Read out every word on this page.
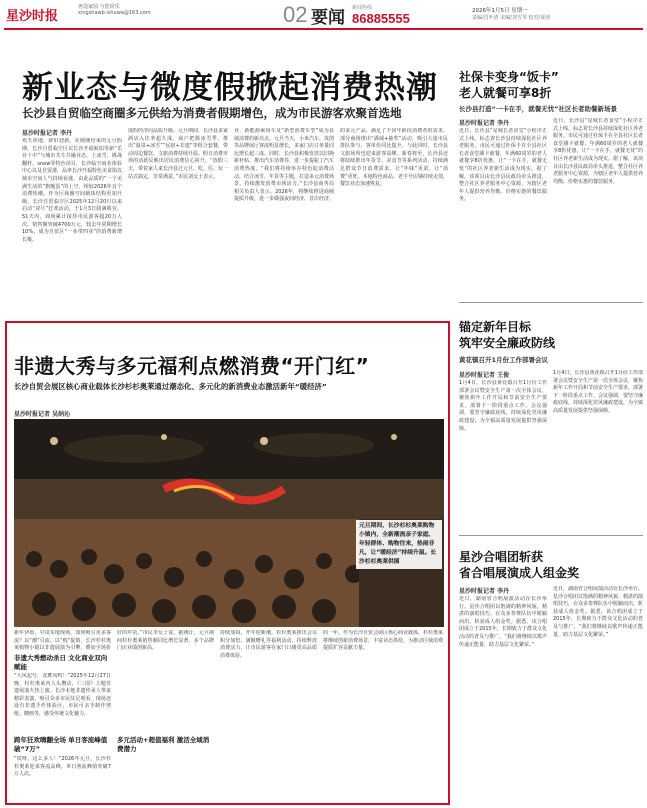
星沙时报
再造家园 与您同乐 xingshawb.ishuwa@163.com	02 要闻 新闻热线
86885555	2026年1月5日 星期一
责编/肖叶清 美编/刘雪琴 校对/姜涛
新业态与微度假掀起消费热潮
长沙县自贸临空商圈多元供给为消费者假期增色，成为市民游客欢聚首选地
星沙时报记者 李丹
欢天喜地，辞旧迎新。在刚刚结束的元旦假期，长沙自贸临空区以长沙开福航拍等新“乐业十中”与城市共生共融业态，上冰雪、挑战翻杆、snow等特色项目，长沙临空商业体验中心以及自贸港，品率长沙开福特色美食街以城市空间人气持续看涨，由此品质的“一个美满生活的”旗舰蛋”的上空，相较2026年首个消费热潮。作为区商圈空间载体结构更加升级，长沙自贸临空区2025年12月20日以来启动“双旦”狂欢活动，于1月3日圆满收官。51天内，商场累计接待市民游客超20万人次，销售额突破4700万元，较去年同期增长10%，成为自贸区“一业带四业”的消费新增长极。
度假经济向品质升级。元旦期间，长沙县多家酒店入住率超九成，商户把握冰雪季，推出“温泉+冰雪”“民宿+非遗”等组合套餐，带动周边餐饮、文旅消费持续升温。假日消费市场的活跃反映出居民消费信心回升。“放假三天，带着家人来长沙县过元旦，吃、住、玩一站式搞定，非常满意。”市民刘女士表示。
业，新能源乘用车及“新型消费车型”成为县域消费的新亮点。元旦当天，小米汽车、岚图等品牌展厅客流明显增长，多家门店订单量同比增长超三成。同时，长沙县积极发放以旧换新补贴、推出汽车消费券，进一步提振了汽车消费热度。“我们将持续举办特色促消费活动，结合冰雪、年货等主题，打造多元消费场景，持续激发消费市场活力。”长沙县商务局相关负责人表示。2026年，将继续推进商圈提质升级，进一步做强夜间经济、首店经济。
的多元产品，满足了不同年龄段消费者的需求。部分商场推出“满减+抽奖”活动，吸引大量市民排队参与，客单价同比提升。与此同时，长沙县文旅场所也迎来游客高峰。新春将至，长沙县还将陆续推出年货节、美食节等系列活动，持续满足群众节日消费需求，让“年味”更浓、让“消费”更旺。本地特色商品、老字号店铺持续走俏，餐饮业态加速恢复。
非遗大秀与多元福利点燃消费“开门红”
长沙自贸会展区核心商业载体长沙杉杉奥莱通过潮态化、多元化的新消费业态激活新年“暖经济”
元旦期间，长沙杉杉奥莱购物小镇内，全新潮流亲子家庭、年轻群体、购物往来，热闹非凡，让“暖经济”持续升温。长沙杉杉奥莱供图
星沙时报记者 吴纳沁
新年伊始，早岚实地现场，如何吸引更多客流？以“潮”引流、以“购”促销，长沙杉杉奥莱购物小镇以非遗展演为引擎，叠加全场折
非遗大秀燃动杀日 文化商业双向赋能
“大风起兮，龙舞凤鸣！”2025年12月27日晚，杉杉奥莱内人头攒动，《三国》主题非遗展演火热上演。长沙本地非遗传承人带来精彩表演，吸引众多市民驻足观看。现场还设有非遗手作体验区，市民可亲手制作剪纸、糖画等，感受传统文化魅力。
跨年狂欢嗨翻全场 单日客流峰值破“7万”
“哎呀，这么多人！”2026年元旦，长沙杉杉奥莱迎来客流高峰，单日客流峰值突破7万人次。
好的年货。”市民李女士说。据统计，元旦期间杉杉奥莱销售额同比增长显著，多个品牌门店业绩创新高。
多元活动+超值福利 激活全域消费潜力
持续加码，开年迎新潮。杉杉奥莱推出会员积分加倍、满额赠礼等福利活动，持续释放消费活力，让市民游客在家门口感受高品质消费体验。
的一年。作为长沙自贸会展区核心商业载体，杉杉奥莱将继续创新消费场景，丰富业态供给，为推动区域消费提质扩容贡献力量。
社保卡变身“饭卡”
老人就餐可享8折
长沙县打造“一卡在手，就餐无忧”社区长者助餐新场景
星沙时报记者 李丹
近日，长沙县“星城长者食堂”小程序正式上线，标志着长沙县持续深化社区养老服务。市民可通过社保卡在全县社区长者食堂刷卡就餐，年满60周岁的老人就餐享8折优惠，让“一卡在手，就餐无忧”的社区养老新生活成为现实。据了解，该项目由长沙县民政局牵头推进，整合社区养老服务中心资源，为辖区老年人提供营养均衡、价格实惠的餐饮服务。
近日，长沙县“星城长者食堂”小程序正式上线，标志着长沙县持续深化社区养老服务。市民可通过社保卡在全县社区长者食堂刷卡就餐，年满60周岁的老人就餐享8折优惠，让“一卡在手，就餐无忧”的社区养老新生活成为现实。据了解，该项目由长沙县民政局牵头推进，整合社区养老服务中心资源，为辖区老年人提供营养均衡、价格实惠的餐饮服务。
锚定新年目标
筑牢安全廉政防线
黄花镇召开1月份工作部署会议
星沙时报记者 王俊
1月4日，长沙县黄花镇召开1月份工作部署会议暨安全生产第一次全体会议，聚焦新年工作开局和节前安全生产要求，部署下一阶段重点工作。会议强调，要坚守廉政底线，持续深化党风廉政建设，为全镇高质量发展提供坚强保障。
1月4日，长沙县黄花镇召开1月份工作部署会议暨安全生产第一次全体会议，聚焦新年工作开局和节前安全生产要求，部署下一阶段重点工作。会议强调，要坚守廉政底线，持续深化党风廉政建设，为全镇高质量发展提供坚强保障。
星沙合唱团斩获
省合唱展演成人组金奖
星沙时报记者 李丹
近日，湖南省合唱展演活动在长沙举行。星沙合唱团以饱满的精神风貌、精湛的演唱技巧，在众多参赛队伍中脱颖而出，斩获成人组金奖。据悉，该合唱团成立于2015年，长期致力于群众文化活动的普及与推广，“我们将继续以歌声传递正能量，助力基层文化繁荣。”
近日，湖南省合唱展演活动在长沙举行。星沙合唱团以饱满的精神风貌、精湛的演唱技巧，在众多参赛队伍中脱颖而出，斩获成人组金奖。据悉，该合唱团成立于2015年，长期致力于群众文化活动的普及与推广，“我们将继续以歌声传递正能量，助力基层文化繁荣。”
